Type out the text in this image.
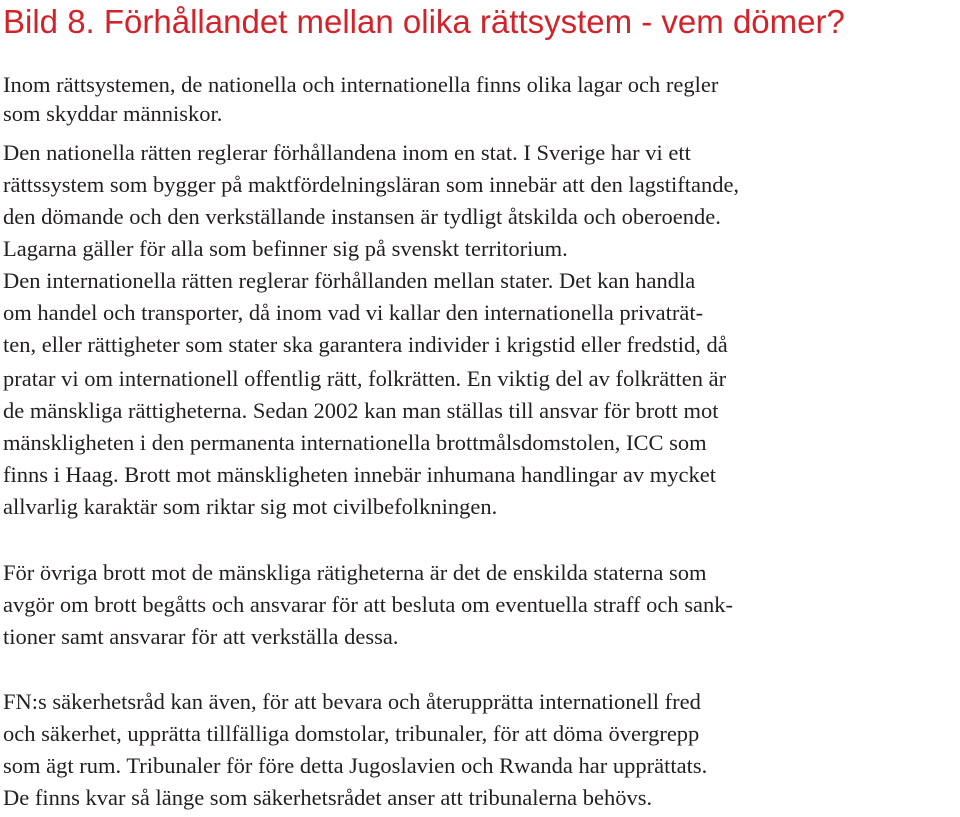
Bild 8. Förhållandet mellan olika rättsystem - vem dömer?

Inom rättsystemen, de nationella och internationella finns olika lagar och regler

som skyddar människor.

Den nationella rätten reglerar förhållandena inom en stat. I Sverige har vi ett

rättssystem som bygger på maktfördelningsläran som innebär att den lagstiftande,

den dömande och den verkställande instansen är tydligt åtskilda och oberoende.

Lagarna gäller för alla som befinner sig på svenskt territorium.

Den internationella rätten reglerar förhållanden mellan stater. Det kan handla

om handel och transporter, då inom vad vi kallar den internationella privaträt-

ten, eller rättigheter som stater ska garantera individer i krigstid eller fredstid, då

pratar vi om internationell offentlig rätt, folkrätten. En viktig del av folkrätten är

de mänskliga rättigheterna. Sedan 2002 kan man ställas till ansvar för brott mot

mänskligheten i den permanenta internationella brottmålsdomstolen, ICC som

finns i Haag. Brott mot mänskligheten innebär inhumana handlingar av mycket

allvarlig karaktär som riktar sig mot civilbefolkningen.

För övriga brott mot de mänskliga rätigheterna är det de enskilda staterna som

avgör om brott begåtts och ansvarar för att besluta om eventuella straff och sank-

tioner samt ansvarar för att verkställa dessa.

FN:s säkerhetsråd kan även, för att bevara och återupprätta internationell fred

och säkerhet, upprätta tillfälliga domstolar, tribunaler, för att döma övergrepp

som ägt rum. Tribunaler för före detta Jugoslavien och Rwanda har upprättats.

De finns kvar så länge som säkerhetsrådet anser att tribunalerna behövs.
